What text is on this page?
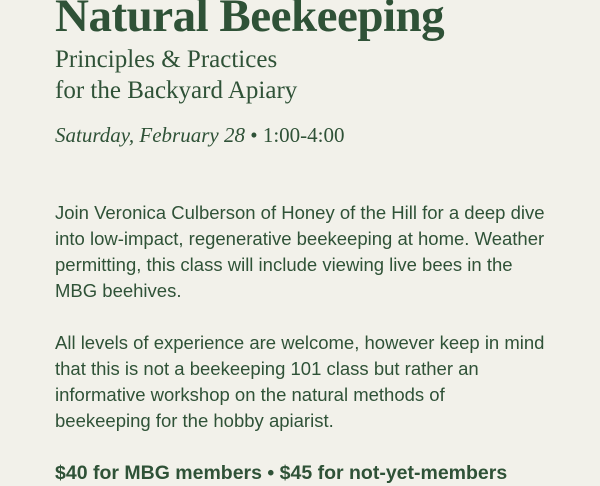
Natural Beekeeping
Principles & Practices
for the Backyard Apiary
Saturday, February 28 • 1:00-4:00

Join Veronica Culberson of Honey of the Hill for a deep dive into low-impact, regenerative beekeeping at home. Weather permitting, this class will include viewing live bees in the MBG beehives.

All levels of experience are welcome, however keep in mind that this is not a beekeeping 101 class but rather an informative workshop on the natural methods of beekeeping for the hobby apiarist.

$40 for MBG members • $45 for not-yet-members
